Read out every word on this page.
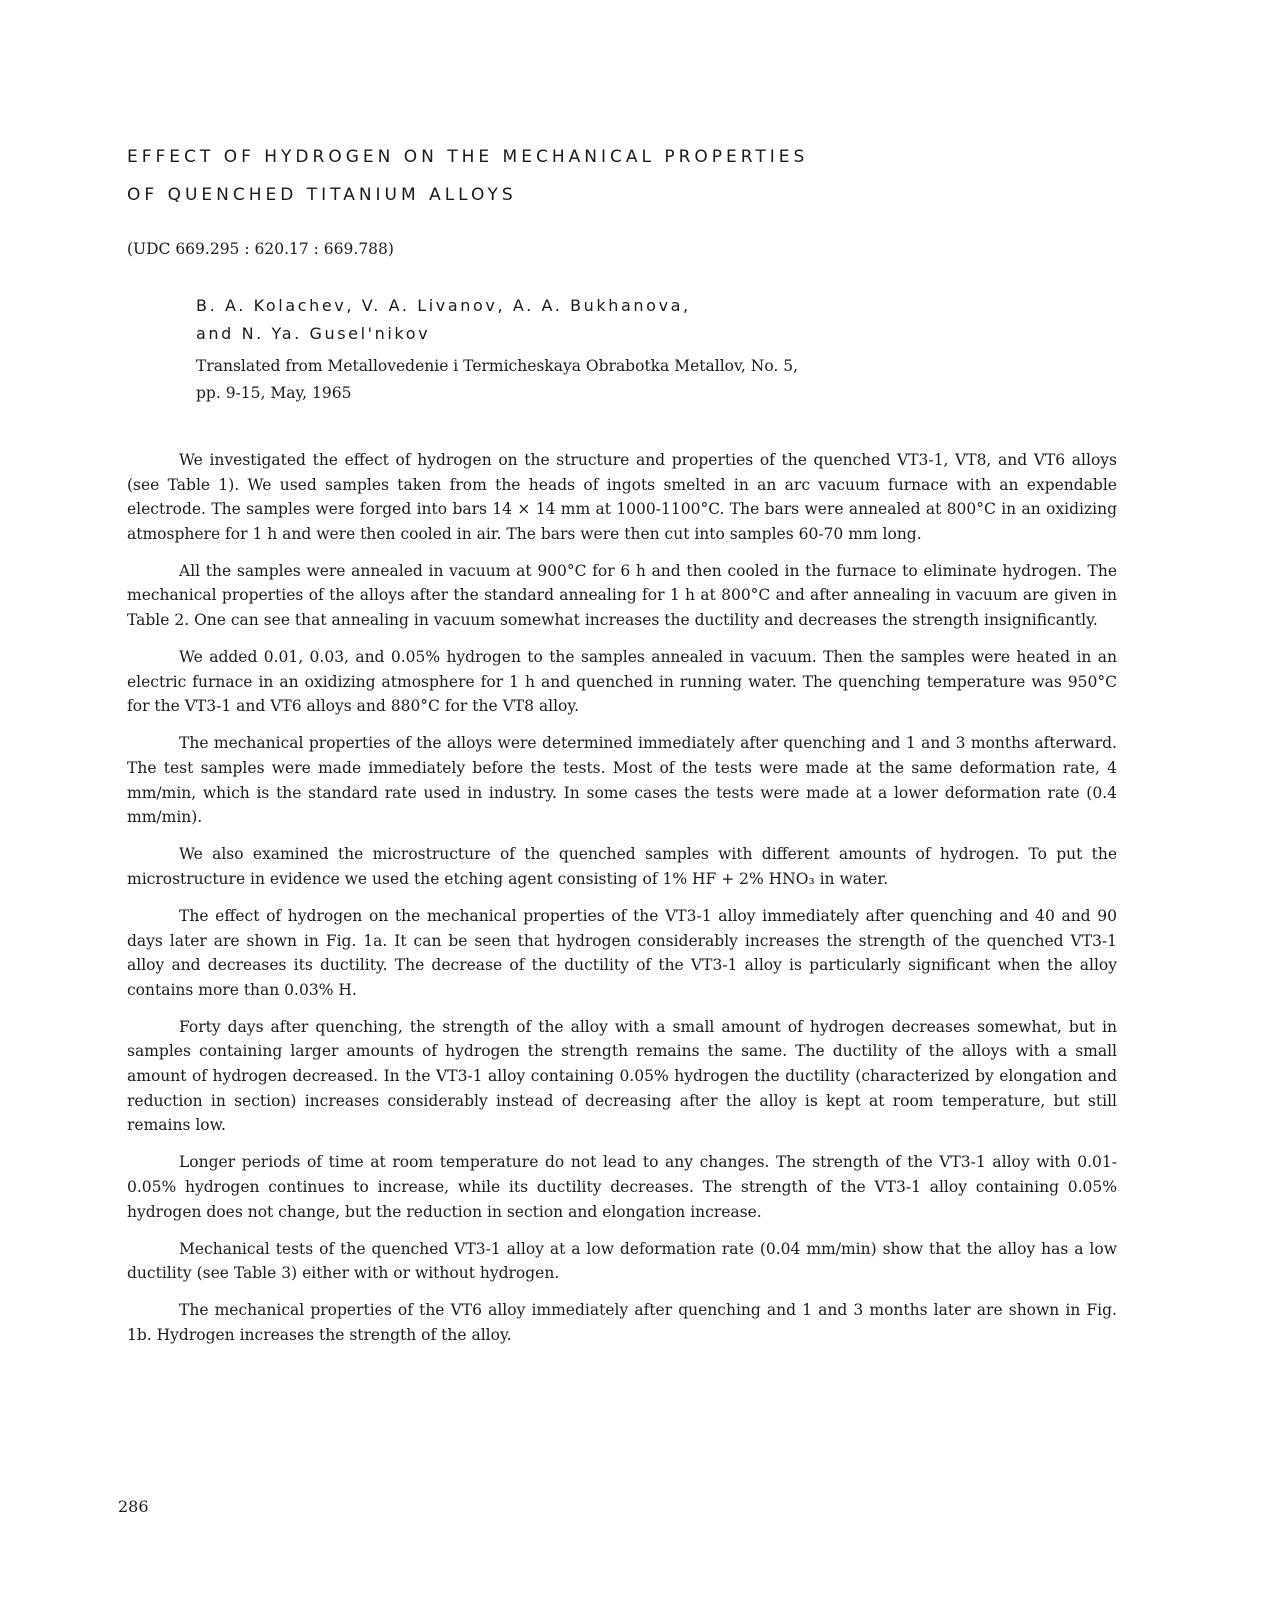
EFFECT OF HYDROGEN ON THE MECHANICAL PROPERTIES
OF QUENCHED TITANIUM ALLOYS

(UDC 669.295 : 620.17 : 669.788)

B. A. Kolachev, V. A. Livanov, A. A. Bukhanova,
and N. Ya. Gusel'nikov
Translated from Metallovedenie i Termicheskaya Obrabotka Metallov, No. 5,
pp. 9-15, May, 1965

We investigated the effect of hydrogen on the structure and properties of the quenched VT3-1, VT8, and VT6 alloys (see Table 1). We used samples taken from the heads of ingots smelted in an arc vacuum furnace with an expendable electrode. The samples were forged into bars 14 × 14 mm at 1000-1100°C. The bars were annealed at 800°C in an oxidizing atmosphere for 1 h and were then cooled in air. The bars were then cut into samples 60-70 mm long.

All the samples were annealed in vacuum at 900°C for 6 h and then cooled in the furnace to eliminate hydrogen. The mechanical properties of the alloys after the standard annealing for 1 h at 800°C and after annealing in vacuum are given in Table 2. One can see that annealing in vacuum somewhat increases the ductility and decreases the strength insignificantly.

We added 0.01, 0.03, and 0.05% hydrogen to the samples annealed in vacuum. Then the samples were heated in an electric furnace in an oxidizing atmosphere for 1 h and quenched in running water. The quenching temperature was 950°C for the VT3-1 and VT6 alloys and 880°C for the VT8 alloy.

The mechanical properties of the alloys were determined immediately after quenching and 1 and 3 months afterward. The test samples were made immediately before the tests. Most of the tests were made at the same deformation rate, 4 mm/min, which is the standard rate used in industry. In some cases the tests were made at a lower deformation rate (0.4 mm/min).

We also examined the microstructure of the quenched samples with different amounts of hydrogen. To put the microstructure in evidence we used the etching agent consisting of 1% HF + 2% HNO₃ in water.

The effect of hydrogen on the mechanical properties of the VT3-1 alloy immediately after quenching and 40 and 90 days later are shown in Fig. 1a. It can be seen that hydrogen considerably increases the strength of the quenched VT3-1 alloy and decreases its ductility. The decrease of the ductility of the VT3-1 alloy is particularly significant when the alloy contains more than 0.03% H.

Forty days after quenching, the strength of the alloy with a small amount of hydrogen decreases somewhat, but in samples containing larger amounts of hydrogen the strength remains the same. The ductility of the alloys with a small amount of hydrogen decreased. In the VT3-1 alloy containing 0.05% hydrogen the ductility (characterized by elongation and reduction in section) increases considerably instead of decreasing after the alloy is kept at room temperature, but still remains low.

Longer periods of time at room temperature do not lead to any changes. The strength of the VT3-1 alloy with 0.01-0.05% hydrogen continues to increase, while its ductility decreases. The strength of the VT3-1 alloy containing 0.05% hydrogen does not change, but the reduction in section and elongation increase.

Mechanical tests of the quenched VT3-1 alloy at a low deformation rate (0.04 mm/min) show that the alloy has a low ductility (see Table 3) either with or without hydrogen.

The mechanical properties of the VT6 alloy immediately after quenching and 1 and 3 months later are shown in Fig. 1b. Hydrogen increases the strength of the alloy.

286
